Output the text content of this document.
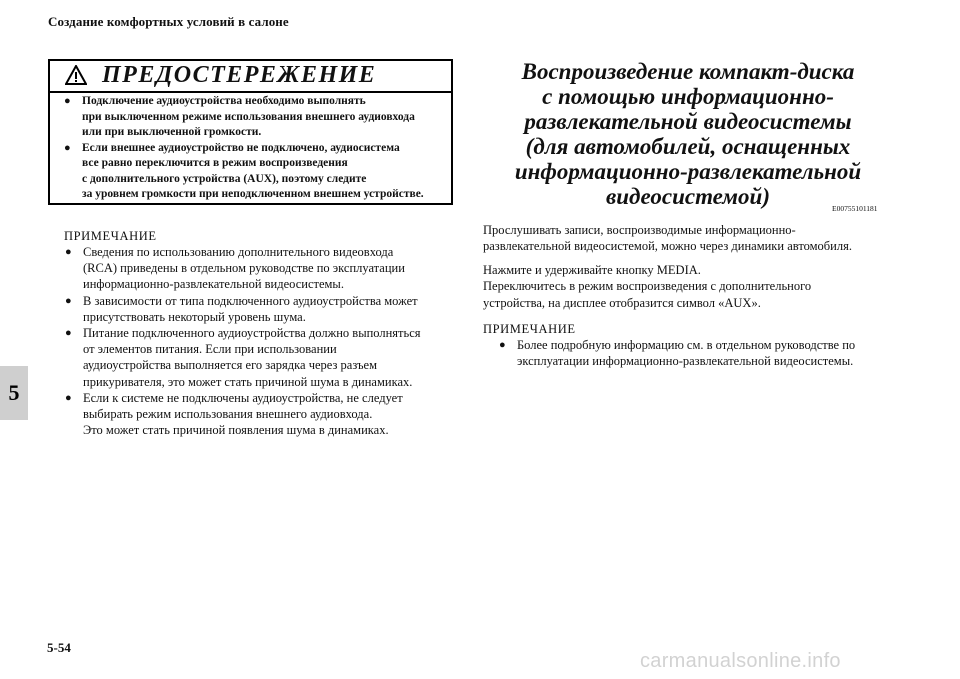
Создание комфортных условий в салоне
5
ПРЕДОСТЕРЕЖЕНИЕ
● Подключение аудиоустройства необходимо выполнять
при выключенном режиме использования внешнего аудиовхода
или при выключенной громкости.
● Если внешнее аудиоустройство не подключено, аудиосистема
все равно переключится в режим воспроизведения
с дополнительного устройства (AUX), поэтому следите
за уровнем громкости при неподключенном внешнем устройстве.
ПРИМЕЧАНИЕ
● Сведения по использованию дополнительного видеовхода
(RCA) приведены в отдельном руководстве по эксплуатации
информационно-развлекательной видеосистемы.
● В зависимости от типа подключенного аудиоустройства может
присутствовать некоторый уровень шума.
● Питание подключенного аудиоустройства должно выполняться
от элементов питания. Если при использовании
аудиоустройства выполняется его зарядка через разъем
прикуривателя, это может стать причиной шума в динамиках.
● Если к системе не подключены аудиоустройства, не следует
выбирать режим использования внешнего аудиовхода.
Это может стать причиной появления шума в динамиках.
Воспроизведение компакт-диска
с помощью информационно-
развлекательной видеосистемы
(для автомобилей, оснащенных
информационно-развлекательной
видеосистемой)	E00755101181
Прослушивать записи, воспроизводимые информационно-
развлекательной видеосистемой, можно через динамики автомобиля.
Нажмите и удерживайте кнопку MEDIA.
Переключитесь в режим воспроизведения с дополнительного
устройства, на дисплее отобразится символ «AUX».
ПРИМЕЧАНИЕ
● Более подробную информацию см. в отдельном руководстве по
эксплуатации информационно-развлекательной видеосистемы.
5-54
carmanualsonline.info
